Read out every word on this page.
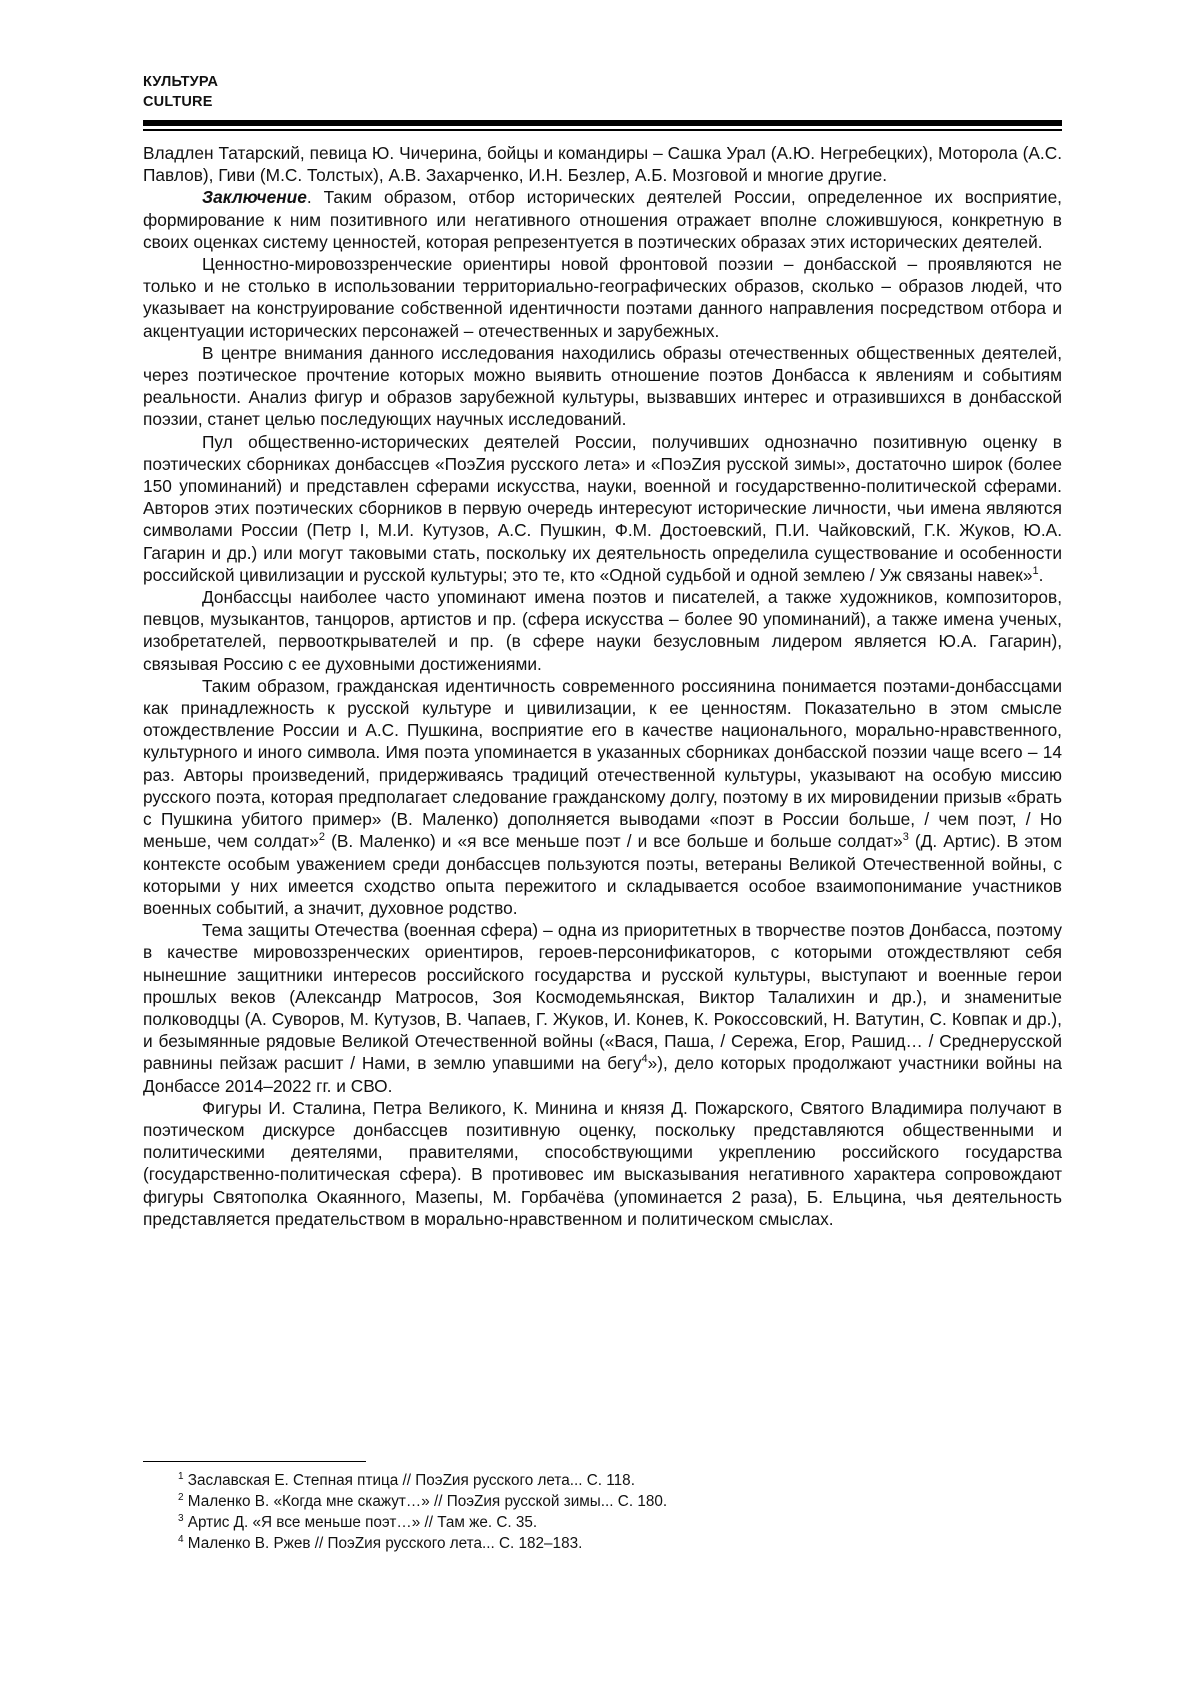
КУЛЬТУРА
CULTURE

Владлен Татарский, певица Ю. Чичерина, бойцы и командиры – Сашка Урал (А.Ю. Негребецких), Моторола (А.С. Павлов), Гиви (М.С. Толстых), А.В. Захарченко, И.Н. Безлер, А.Б. Мозговой и многие другие.

Заключение. Таким образом, отбор исторических деятелей России, определенное их восприятие, формирование к ним позитивного или негативного отношения отражает вполне сложившуюся, конкретную в своих оценках систему ценностей, которая репрезентуется в поэтических образах этих исторических деятелей.

Ценностно-мировоззренческие ориентиры новой фронтовой поэзии – донбасской – проявляются не только и не столько в использовании территориально-географических образов, сколько – образов людей, что указывает на конструирование собственной идентичности поэтами данного направления посредством отбора и акцентуации исторических персонажей – отечественных и зарубежных.

В центре внимания данного исследования находились образы отечественных общественных деятелей, через поэтическое прочтение которых можно выявить отношение поэтов Донбасса к явлениям и событиям реальности. Анализ фигур и образов зарубежной культуры, вызвавших интерес и отразившихся в донбасской поэзии, станет целью последующих научных исследований.

Пул общественно-исторических деятелей России, получивших однозначно позитивную оценку в поэтических сборниках донбассцев «ПоэZия русского лета» и «ПоэZия русской зимы», достаточно широк (более 150 упоминаний) и представлен сферами искусства, науки, военной и государственно-политической сферами. Авторов этих поэтических сборников в первую очередь интересуют исторические личности, чьи имена являются символами России (Петр I, М.И. Кутузов, А.С. Пушкин, Ф.М. Достоевский, П.И. Чайковский, Г.К. Жуков, Ю.А. Гагарин и др.) или могут таковыми стать, поскольку их деятельность определила существование и особенности российской цивилизации и русской культуры; это те, кто «Одной судьбой и одной землею / Уж связаны навек»$^1$.

Донбассцы наиболее часто упоминают имена поэтов и писателей, а также художников, композиторов, певцов, музыкантов, танцоров, артистов и пр. (сфера искусства – более 90 упоминаний), а также имена ученых, изобретателей, первооткрывателей и пр. (в сфере науки безусловным лидером является Ю.А. Гагарин), связывая Россию с ее духовными достижениями.

Таким образом, гражданская идентичность современного россиянина понимается поэтами-донбассцами как принадлежность к русской культуре и цивилизации, к ее ценностям. Показательно в этом смысле отождествление России и А.С. Пушкина, восприятие его в качестве национального, морально-нравственного, культурного и иного символа. Имя поэта упоминается в указанных сборниках донбасской поэзии чаще всего – 14 раз. Авторы произведений, придерживаясь традиций отечественной культуры, указывают на особую миссию русского поэта, которая предполагает следование гражданскому долгу, поэтому в их мировидении призыв «брать с Пушкина убитого пример» (В. Маленко) дополняется выводами «поэт в России больше, / чем поэт, / Но меньше, чем солдат»$^2$ (В. Маленко) и «я все меньше поэт / и все больше и больше солдат»$^3$ (Д. Артис). В этом контексте особым уважением среди донбассцев пользуются поэты, ветераны Великой Отечественной войны, с которыми у них имеется сходство опыта пережитого и складывается особое взаимопонимание участников военных событий, а значит, духовное родство.

Тема защиты Отечества (военная сфера) – одна из приоритетных в творчестве поэтов Донбасса, поэтому в качестве мировоззренческих ориентиров, героев-персонификаторов, с которыми отождествляют себя нынешние защитники интересов российского государства и русской культуры, выступают и военные герои прошлых веков (Александр Матросов, Зоя Космодемьянская, Виктор Талалихин и др.), и знаменитые полководцы (А. Суворов, М. Кутузов, В. Чапаев, Г. Жуков, И. Конев, К. Рокоссовский, Н. Ватутин, С. Ковпак и др.), и безымянные рядовые Великой Отечественной войны («Вася, Паша, / Сережа, Егор, Рашид… / Среднерусской равнины пейзаж расшит / Нами, в землю упавшими на бегу$^4$»), дело которых продолжают участники войны на Донбассе 2014–2022 гг. и СВО.

Фигуры И. Сталина, Петра Великого, К. Минина и князя Д. Пожарского, Святого Владимира получают в поэтическом дискурсе донбассцев позитивную оценку, поскольку представляются общественными и политическими деятелями, правителями, способствующими укреплению российского государства (государственно-политическая сфера). В противовес им высказывания негативного характера сопровождают фигуры Святополка Окаянного, Мазепы, М. Горбачёва (упоминается 2 раза), Б. Ельцина, чья деятельность представляется предательством в морально-нравственном и политическом смыслах.

$^1$ Заславская Е. Степная птица // ПоэZия русского лета... С. 118.
$^2$ Маленко В. «Когда мне скажут…» // ПоэZия русской зимы... С. 180.
$^3$ Артис Д. «Я все меньше поэт…» // Там же. С. 35.
$^4$ Маленко В. Ржев // ПоэZия русского лета... С. 182–183.
